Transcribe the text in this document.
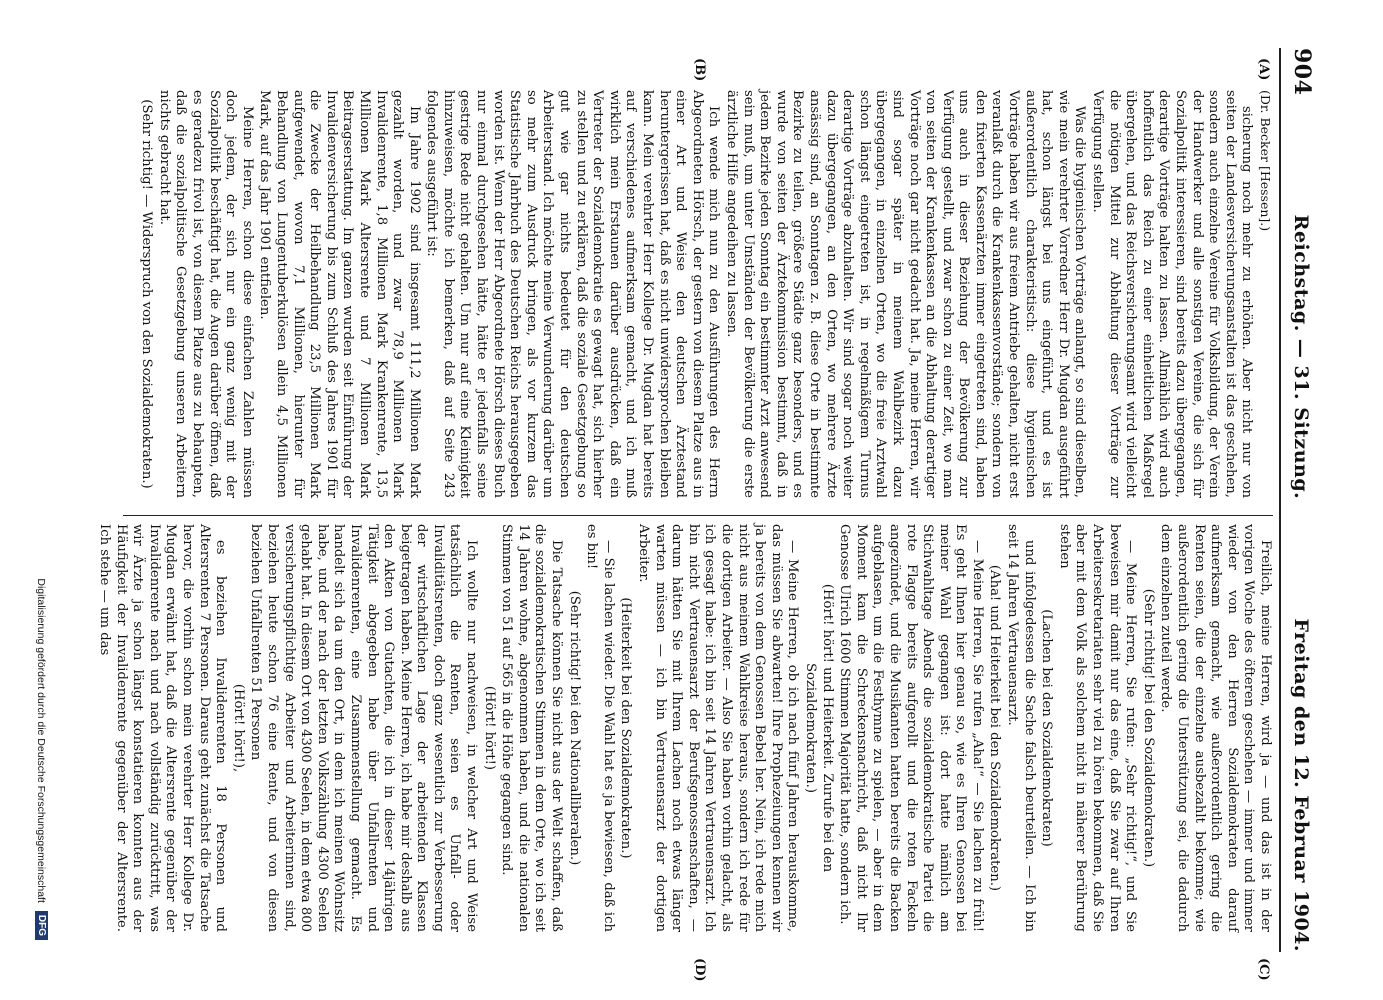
904
Reichstag. — 31. Sitzung.
Freitag den 12. Februar 1904.
(A)
(B)
(C)
(D)
(Dr. Becker [Hessen].)

sicherung noch mehr zu erhöhen. Aber nicht nur von seiten der Landesversicherungsanstalten ist das geschehen, sondern auch einzelne Vereine für Volksbildung, der Verein der Handwerker und alle sonstigen Vereine, die sich für Sozialpolitik interessieren, sind bereits dazu übergegangen, derartige Vorträge halten zu lassen. Allmählich wird auch hoffentlich das Reich zu einer einheitlichen Maßregel übergehen, und das Reichsversicherungsamt wird vielleicht die nötigen Mittel zur Abhaltung dieser Vorträge zur Verfügung stellen.

Was die hygienischen Vorträge anlangt, so sind dieselben, wie mein verehrter Vorredner Herr Dr. Mugdan ausgeführt hat, schon längst bei uns eingeführt, und es ist außerordentlich charakteristisch: diese hygienischen Vorträge haben wir aus freiem Antriebe gehalten, nicht erst veranlaßt durch die Krankenkassenvorstände; sondern von den fixierten Kassenärzten immer eingetreten sind, haben uns auch in dieser Beziehung der Bevölkerung zur Verfügung gestellt, und zwar schon zu einer Zeit, wo man von seiten der Krankenkassen an die Abhaltung derartiger Vorträge noch gar nicht gedacht hat. Ja, meine Herren, wir sind sogar später in meinem Wahlbezirk dazu übergegangen, in einzelnen Orten, wo die freie Arztwahl schon längst eingetreten ist, in regelmäßigem Turnus derartige Vorträge abzuhalten. Wir sind sogar noch weiter dazu übergegangen, an den Orten, wo mehrere Ärzte ansässig sind, an Sonntagen z. B. diese Orte in bestimmte Bezirke zu teilen, größere Städte ganz besonders, und es wurde von seiten der Ärztekommission bestimmt, daß in jedem Bezirke jeden Sonntag ein bestimmter Arzt anwesend sein muß, um unter Umständen der Bevölkerung die erste ärztliche Hilfe angedeihen zu lassen.

Ich wende mich nun zu den Ausführungen des Herrn Abgeordneten Hörsch, der gestern von diesem Platze aus in einer Art und Weise den deutschen Ärztestand heruntergerissen hat, daß es nicht unwidersprochen bleiben kann. Mein verehrter Herr Kollege Dr. Mugdan hat bereits auf verschiedenes aufmerksam gemacht, und ich muß wirklich mein Erstaunen darüber ausdrücken, daß ein Vertreter der Sozialdemokratie es gewagt hat, sich hierher zu stellen und zu erklären, daß die soziale Gesetzgebung so gut wie gar nichts bedeutet für den deutschen Arbeiterstand. Ich möchte meine Verwunderung darüber um so mehr zum Ausdruck bringen, als vor kurzem das Statistische Jahrbuch des Deutschen Reichs herausgegeben worden ist. Wenn der Herr Abgeordnete Hörsch dieses Buch nur einmal durchgesehen hätte, hätte er jedenfalls seine gestrige Rede nicht gehalten. Um nur auf eine Kleinigkeit hinzuweisen, möchte ich bemerken, daß auf Seite 243 folgendes ausgeführt ist:

Im Jahre 1902 sind insgesamt 111,2 Millionen Mark gezahlt worden, und zwar 78,9 Millionen Mark Invalidenrente, 1,8 Millionen Mark Krankenrente, 13,5 Millionen Mark Altersrente und 7 Millionen Mark Beitragserstattung. Im ganzen wurden seit Einführung der Invalidenversicherung bis zum Schluß des Jahres 1901 für die Zwecke der Heilbehandlung 23,5 Millionen Mark aufgewendet, wovon 7,1 Millionen, hierunter für Behandlung von Lungentuberkulösen allein 4,5 Millionen Mark, auf das Jahr 1901 entfielen.

Meine Herren, schon diese einfachen Zahlen müssen doch jedem, der sich nur ein ganz wenig mit der Sozialpolitik beschäftigt hat, die Augen darüber öffnen, daß es geradezu frivol ist, von diesem Platze aus zu behaupten, daß die sozialpolitische Gesetzgebung unseren Arbeitern nichts gebracht hat.

(Sehr richtig! — Widerspruch von den Sozialdemokraten.)

Freilich, meine Herren, wird ja — und das ist in der vorigen Woche des öfteren geschehen — immer und immer wieder von den Herren Sozialdemokraten darauf aufmerksam gemacht, wie außerordentlich gering die Renten seien, die der einzelne ausbezahlt bekomme; wie außerordentlich gering die Unterstützung sei, die dadurch dem einzelnen zuteil werde.

(Sehr richtig! bei den Sozialdemokraten.)

— Meine Herren, Sie rufen: „Sehr richtig!“, und Sie beweisen mir damit nur das eine, daß Sie zwar auf Ihren Arbeitersekretariaten sehr viel zu hören bekommen, daß Sie aber mit dem Volk als solchem nicht in näherer Berührung stehen

(Lachen bei den Sozialdemokraten)

und infolgedessen die Sache falsch beurteilen. — Ich bin seit 14 Jahren Vertrauensarzt.

(Aha! und Heiterkeit bei den Sozialdemokraten.)

— Meine Herren, Sie rufen „Aha!“ — Sie lachen zu früh! Es geht Ihnen hier genau so, wie es Ihren Genossen bei meiner Wahl gegangen ist: dort hatte nämlich am Stichwahltage Abends die sozialdemokratische Partei die rote Flagge bereits aufgerollt und die roten Fackeln angezündet, und die Musikanten hatten bereits die Backen aufgeblasen, um die Festhymne zu spielen, — aber in dem Moment kam die Schreckensnachricht, daß nicht Ihr Genosse Ulrich 1600 Stimmen Majorität hatte, sondern ich.

(Hört! hört! und Heiterkeit. Zurufe bei den Sozialdemokraten.)

— Meine Herren, ob ich nach fünf Jahren herauskomme, das müssen Sie abwarten! Ihre Prophezeiungen kennen wir ja bereits von dem Genossen Bebel her. Nein, ich rede mich nicht aus meinem Wahlkreise heraus, sondern ich rede für die dortigen Arbeiter. — Also Sie haben vorhin gelacht, als ich gesagt habe: ich bin seit 14 Jahren Vertrauensarzt. Ich bin nicht Vertrauensarzt der Berufsgenossenschaften, — darum hätten Sie mit Ihrem Lachen noch etwas länger warten müssen — ich bin Vertrauensarzt der dortigen Arbeiter.

(Heiterkeit bei den Sozialdemokraten.)

— Sie lachen wieder. Die Wahl hat es ja bewiesen, daß ich es bin!

(Sehr richtig! bei den Nationalliberalen.)

Die Tatsache können Sie nicht aus der Welt schaffen, daß die sozialdemokratischen Stimmen in dem Orte, wo ich seit 14 Jahren wohne, abgenommen haben, und die nationalen Stimmen von 51 auf 565 in die Höhe gegangen sind.

(Hört! hört!)

Ich wollte nur nachweisen, in welcher Art und Weise tatsächlich die Renten, seien es Unfall- oder Invaliditätsrenten, doch ganz wesentlich zur Verbesserung der wirtschaftlichen Lage der arbeitenden Klassen beigetragen haben. Meine Herren, ich habe mir deshalb aus den Akten von Gutachten, die ich in dieser 14jährigen Tätigkeit abgegeben habe über Unfallrenten und Invalidenrenten, eine Zusammenstellung gemacht. Es handelt sich da um den Ort, in dem ich meinen Wohnsitz habe, und der nach der letzten Volkszählung 4300 Seelen gehabt hat. In diesem Ort von 4300 Seelen, in dem etwa 800 versicherungspflichtige Arbeiter und Arbeiterinnen sind, beziehen heute schon 76 eine Rente, und von diesen beziehen Unfallrenten 51 Personen

(Hört! hört!),

es beziehen Invalidenrenten 18 Personen und Altersrenten 7 Personen. Daraus geht zunächst die Tatsache hervor, die vorhin schon mein verehrter Herr Kollege Dr. Mugdan erwähnt hat, daß die Altersrente gegenüber der Invalidenrente nach und nach vollständig zurücktritt, was wir Ärzte ja schon längst konstatieren konnten aus der Häufigkeit der Invalidenrente gegenüber der Altersrente. Ich stehe — um das

Digitalisierung gefördert durch die Deutsche Forschungsgemeinschaft
DFG
